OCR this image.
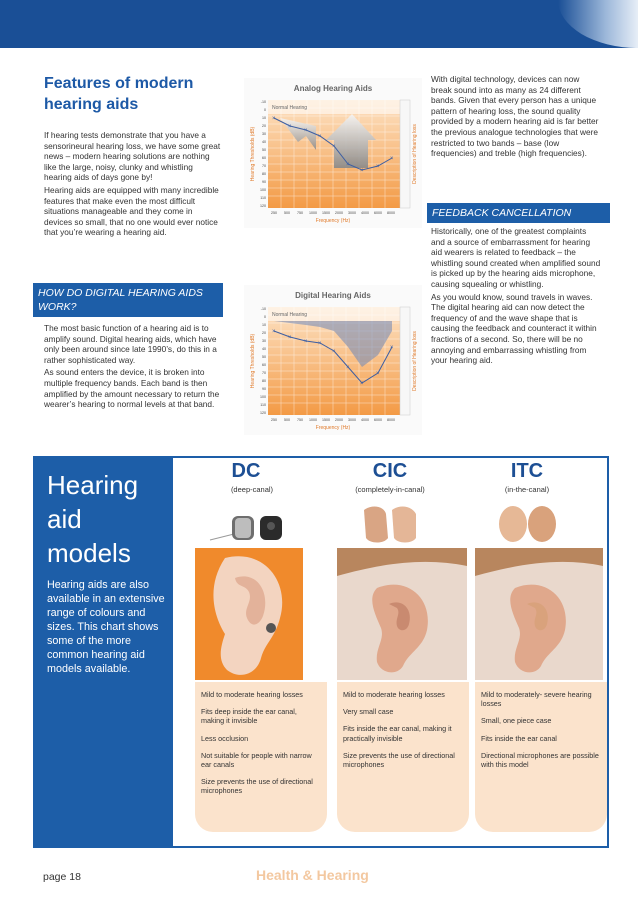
Features of modern hearing aids

If hearing tests demonstrate that you have a sensorineural hearing loss, we have some great news – modern hearing solutions are nothing like the large, noisy, clunky and whistling hearing aids of days gone by!

Hearing aids are equipped with many incredible features that make even the most difficult situations manageable and they come in devices so small, that no one would ever notice that you’re wearing a hearing aid.

HOW DO DIGITAL HEARING AIDS WORK?

The most basic function of a hearing aid is to amplify sound. Digital hearing aids, which have only been around since late 1990’s, do this in a rather sophisticated way.

As sound enters the device, it is broken into multiple frequency bands. Each band is then amplified by the amount necessary to return the wearer’s hearing to normal levels at that band.

Analog Hearing Aids
Normal Hearing
×
×
×
×
×
×
×
×
×
Hearing Thresholds (dB)	Description of Hearing loss
250 500 750 1000 1500 2000 3000 4000 6000 8000
-10
0
10
20
30
40
50
60
70
80
90
100
110
120
Frequency (Hz)
Digital Hearing Aids
Normal Hearing
×
×
× ×
×
×
×
×
×
Hearing Thresholds (dB)	Description of Hearing loss
250 500 750 1000 1500 2000 3000 4000 6000 8000
-10
0
10
20
30
40
50
60
70
80
90
100
110
120
Frequency (Hz)

With digital technology, devices can now break sound into as many as 24 different bands. Given that every person has a unique pattern of hearing loss, the sound quality provided by a modern hearing aid is far better the previous analogue technologies that were restricted to two bands – base (low frequencies) and treble (high frequencies).

FEEDBACK CANCELLATION

Historically, one of the greatest complaints and a source of embarrassment for hearing aid wearers is related to feedback – the whistling sound created when amplified sound is picked up by the hearing aids microphone, causing squealing or whistling.

As you would know, sound travels in waves. The digital hearing aid can now detect the frequency of and the wave shape that is causing the feedback and counteract it within fractions of a second. So, there will be no annoying and embarrassing whistling from your hearing aid.

Hearing aid models
Hearing aids are also available in an extensive range of colours and sizes. This chart shows some of the more common hearing aid models available.
DC
(deep-canal)

Mild to moderate hearing losses

Fits deep inside the ear canal, making it invisible

Less occlusion

Not suitable for people with narrow ear canals

Size prevents the use of directional microphones

CIC
(completely-in-canal)

Mild to moderate hearing losses

Very small case

Fits inside the ear canal, making it practically invisible

Size prevents the use of directional microphones

ITC
(in-the-canal)

Mild to moderately- severe hearing losses

Small, one piece case

Fits inside the ear canal

Directional microphones are possible with this model

page 18	Health & Hearing
